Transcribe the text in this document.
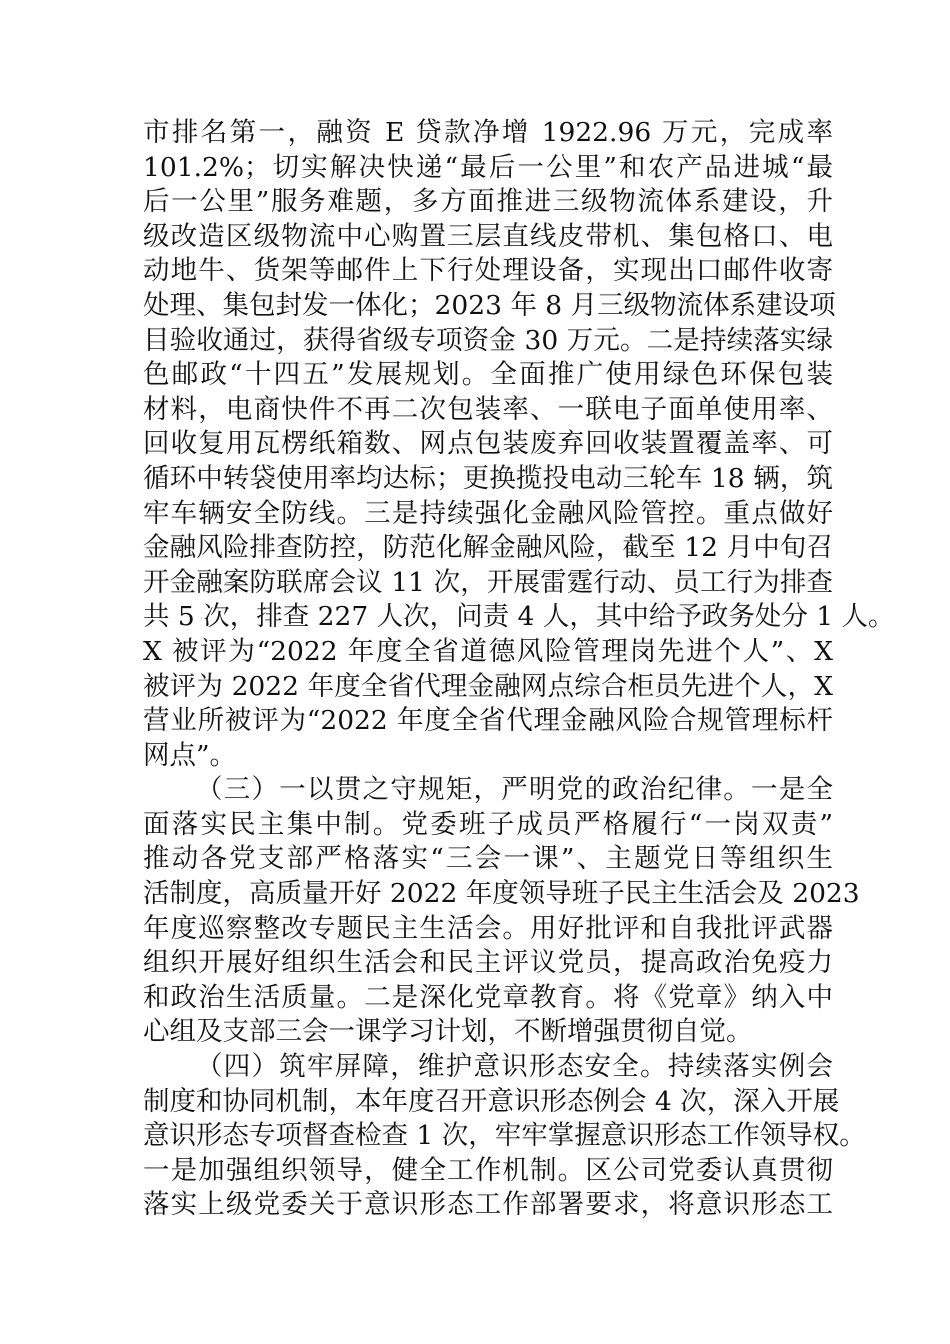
市排名第一，融资 E 贷款净增 1922.96 万元，完成率
101.2%；切实解决快递“最后一公里”和农产品进城“最
后一公里”服务难题，多方面推进三级物流体系建设，升
级改造区级物流中心购置三层直线皮带机、集包格口、电
动地牛、货架等邮件上下行处理设备，实现出口邮件收寄
处理、集包封发一体化；2023 年 8 月三级物流体系建设项
目验收通过，获得省级专项资金 30 万元。二是持续落实绿
色邮政“十四五”发展规划。全面推广使用绿色环保包装
材料，电商快件不再二次包装率、一联电子面单使用率、
回收复用瓦楞纸箱数、网点包装废弃回收装置覆盖率、可
循环中转袋使用率均达标；更换揽投电动三轮车 18 辆，筑
牢车辆安全防线。三是持续强化金融风险管控。重点做好
金融风险排查防控，防范化解金融风险，截至 12 月中旬召
开金融案防联席会议 11 次，开展雷霆行动、员工行为排查
共 5 次，排查 227 人次，问责 4 人，其中给予政务处分 1 人。
X 被评为“2022 年度全省道德风险管理岗先进个人”、X
被评为 2022 年度全省代理金融网点综合柜员先进个人，X
营业所被评为“2022 年度全省代理金融风险合规管理标杆
网点”。
（三）一以贯之守规矩，严明党的政治纪律。一是全
面落实民主集中制。党委班子成员严格履行“一岗双责”
推动各党支部严格落实“三会一课”、主题党日等组织生
活制度，高质量开好 2022 年度领导班子民主生活会及 2023
年度巡察整改专题民主生活会。用好批评和自我批评武器
组织开展好组织生活会和民主评议党员，提高政治免疫力
和政治生活质量。二是深化党章教育。将《党章》纳入中
心组及支部三会一课学习计划，不断增强贯彻自觉。
（四）筑牢屏障，维护意识形态安全。持续落实例会
制度和协同机制，本年度召开意识形态例会 4 次，深入开展
意识形态专项督查检查 1 次，牢牢掌握意识形态工作领导权。
一是加强组织领导，健全工作机制。区公司党委认真贯彻
落实上级党委关于意识形态工作部署要求，将意识形态工
